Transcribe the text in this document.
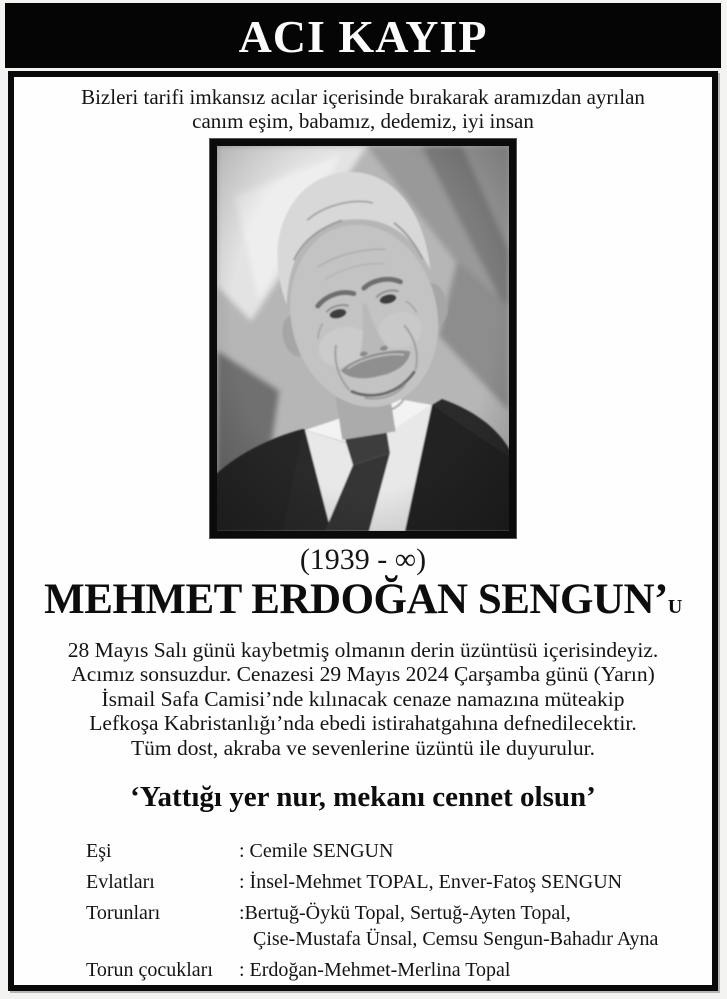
ACI KAYIP

Bizleri tarifi imkansız acılar içerisinde bırakarak aramızdan ayrılan
canım eşim, babamız, dedemiz, iyi insan

(1939 - ∞)

MEHMET ERDOĞAN SENGUN’u

28 Mayıs Salı günü kaybetmiş olmanın derin üzüntüsü içerisindeyiz.
Acımız sonsuzdur. Cenazesi 29 Mayıs 2024 Çarşamba günü (Yarın)
İsmail Safa Camisi’nde kılınacak cenaze namazına müteakip
Lefkoşa Kabristanlığı’nda ebedi istirahatgahına defnedilecektir.
Tüm dost, akraba ve sevenlerine üzüntü ile duyurulur.

‘Yattığı yer nur, mekanı cennet olsun’

Eşi	: Cemile SENGUN
Evlatları	: İnsel-Mehmet TOPAL, Enver-Fatoş SENGUN
Torunları	:Bertuğ-Öykü Topal, Sertuğ-Ayten Topal,
Çise-Mustafa Ünsal, Cemsu Sengun-Bahadır Ayna
Torun çocukları	: Erdoğan-Mehmet-Merlina Topal
